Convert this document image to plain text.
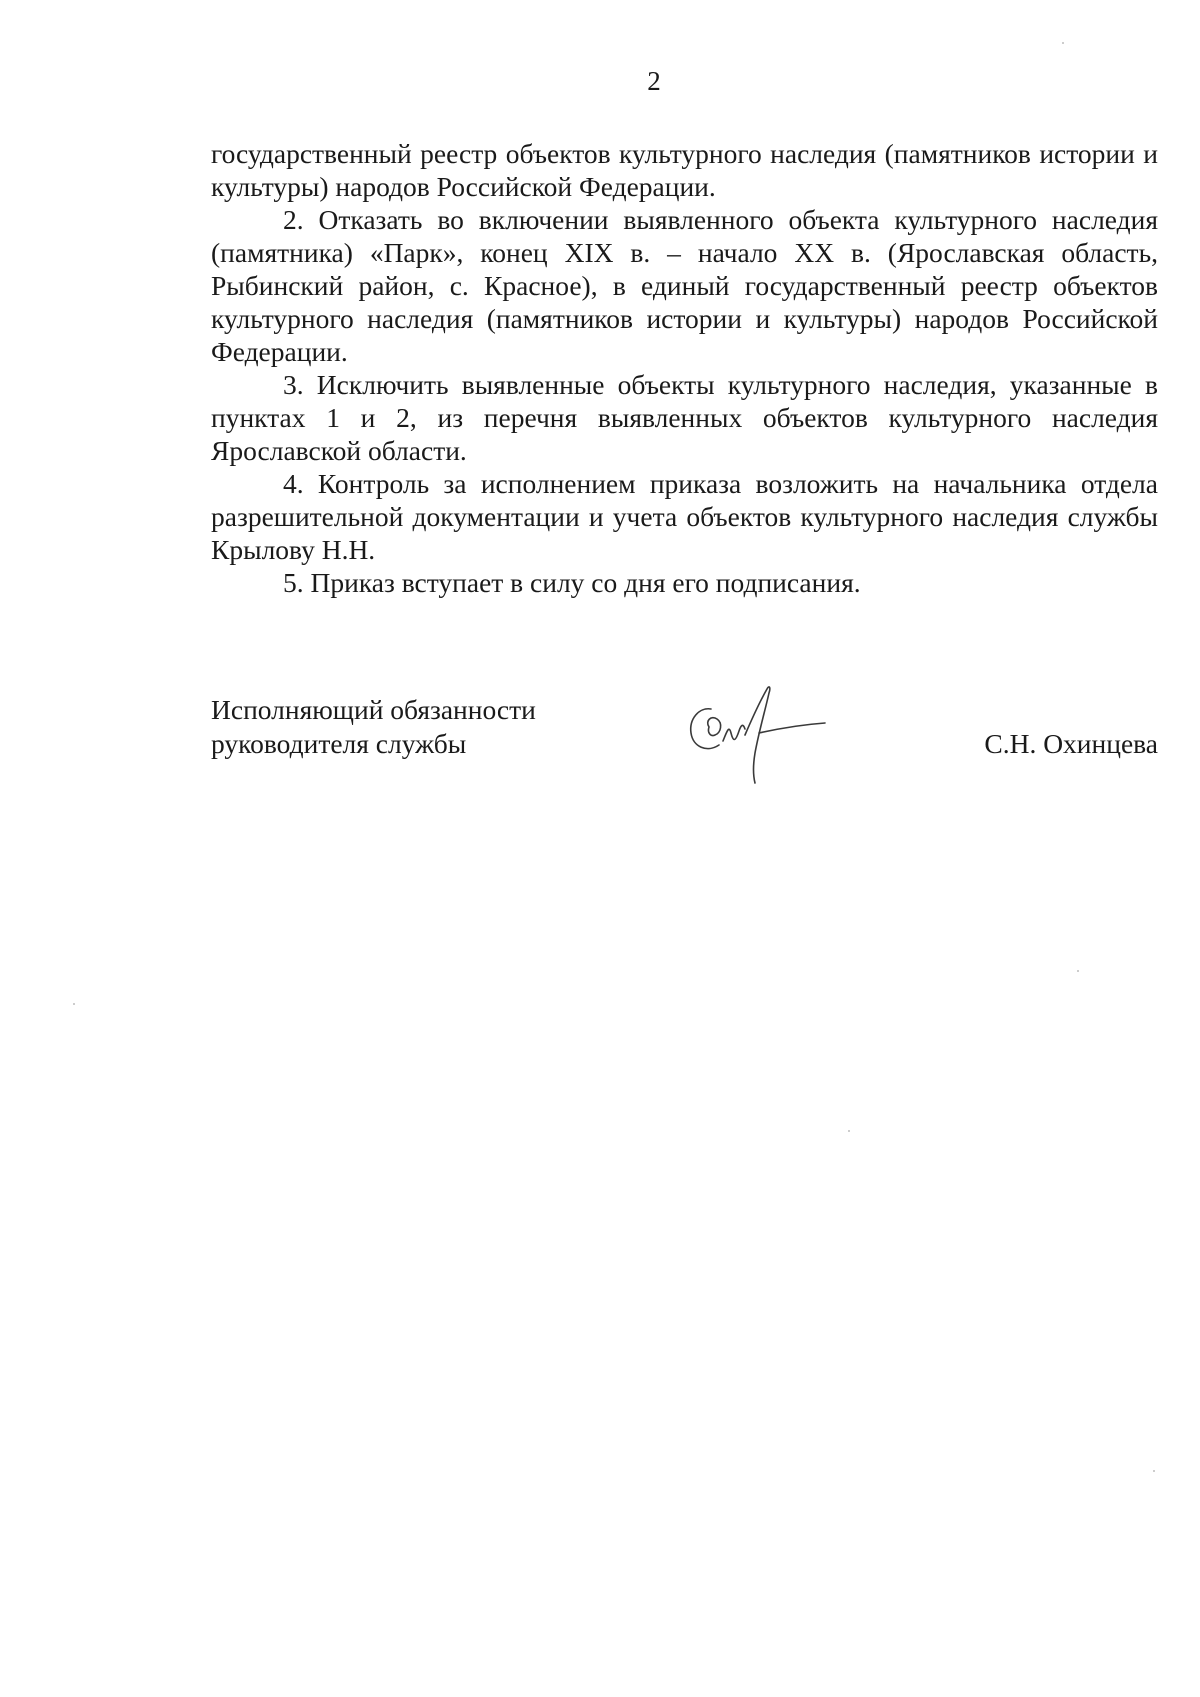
2

государственный реестр объектов культурного наследия (памятников истории и культуры) народов Российской Федерации.

2. Отказать во включении выявленного объекта культурного наследия (памятника) «Парк», конец XIX в. – начало XX в. (Ярославская область, Рыбинский район, с. Красное), в единый государственный реестр объектов культурного наследия (памятников истории и культуры) народов Российской Федерации.

3. Исключить выявленные объекты культурного наследия, указанные в пунктах 1 и 2, из перечня выявленных объектов культурного наследия Ярославской области.

4. Контроль за исполнением приказа возложить на начальника отдела разрешительной документации и учета объектов культурного наследия службы Крылову Н.Н.

5. Приказ вступает в силу со дня его подписания.

Исполняющий обязанности
руководителя службы	С.Н. Охинцева
